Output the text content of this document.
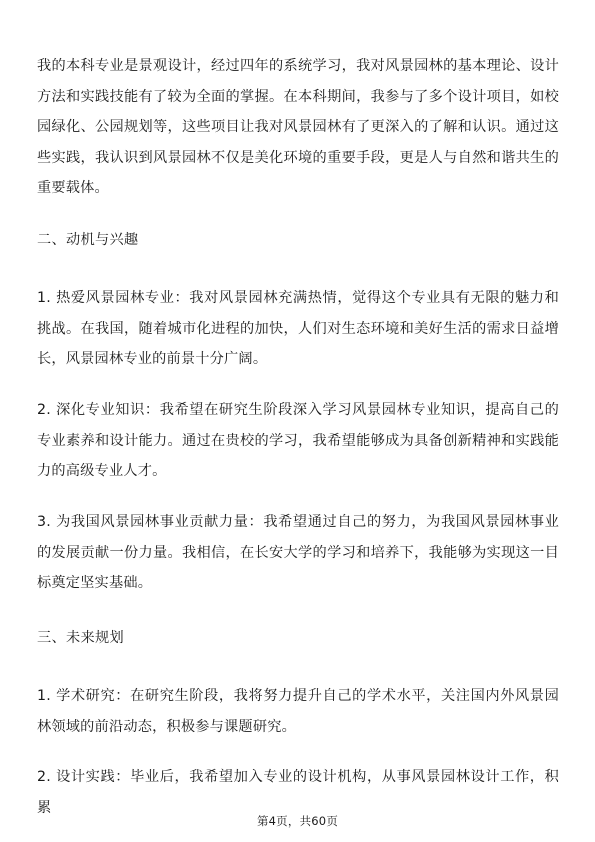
我的本科专业是景观设计，经过四年的系统学习，我对风景园林的基本理论、设计方法和实践技能有了较为全面的掌握。在本科期间，我参与了多个设计项目，如校园绿化、公园规划等，这些项目让我对风景园林有了更深入的了解和认识。通过这些实践，我认识到风景园林不仅是美化环境的重要手段，更是人与自然和谐共生的重要载体。

二、动机与兴趣

1. 热爱风景园林专业：我对风景园林充满热情，觉得这个专业具有无限的魅力和挑战。在我国，随着城市化进程的加快，人们对生态环境和美好生活的需求日益增长，风景园林专业的前景十分广阔。

2. 深化专业知识：我希望在研究生阶段深入学习风景园林专业知识，提高自己的专业素养和设计能力。通过在贵校的学习，我希望能够成为具备创新精神和实践能力的高级专业人才。

3. 为我国风景园林事业贡献力量：我希望通过自己的努力，为我国风景园林事业的发展贡献一份力量。我相信，在长安大学的学习和培养下，我能够为实现这一目标奠定坚实基础。

三、未来规划

1. 学术研究：在研究生阶段，我将努力提升自己的学术水平，关注国内外风景园林领域的前沿动态，积极参与课题研究。

2. 设计实践：毕业后，我希望加入专业的设计机构，从事风景园林设计工作，积累

第4页，共60页
